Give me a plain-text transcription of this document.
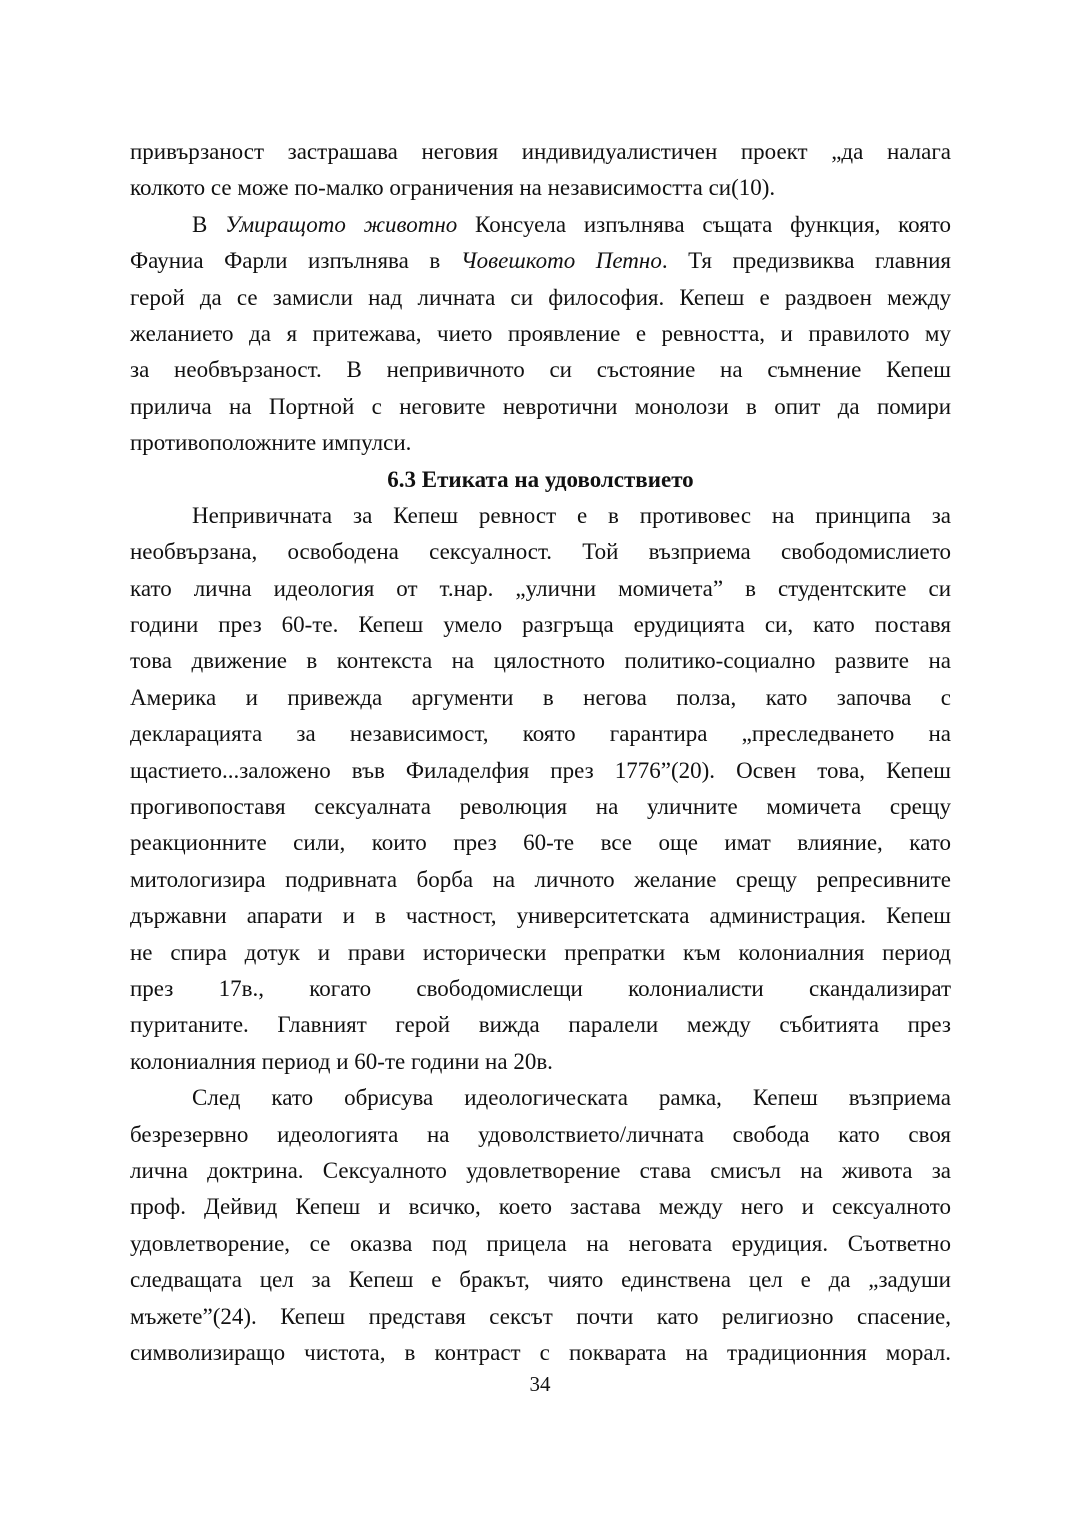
привързаност застрашава неговия индивидуалистичен проект „да налага
колкото се може по-малко ограничения на независимостта си(10).
В Умиращото животно Консуела изпълнява същата функция, която
Фауниа Фарли изпълнява в Човешкото Петно. Тя предизвиква главния
герой да се замисли над личната си философия. Кепеш е раздвоен между
желанието да я притежава, чието проявление е ревността, и правилото му
за необвързаност. В непривичното си състояние на съмнение Кепеш
прилича на Портной с неговите невротични монолози в опит да помири
противоположните импулси.
6.3 Етиката на удоволствието
Непривичната за Кепеш ревност е в противовес на принципа за
необвързана, освободена сексуалност. Той възприема свободомислието
като лична идеология от т.нар. „улични момичета” в студентските си
години през 60-те. Кепеш умело разгръща ерудицията си, като поставя
това движение в контекста на цялостното политико-социално развите на
Америка и привежда аргументи в негова полза, като започва с
декларацията за независимост, която гарантира „преследването на
щастието...заложено във Филаделфия през 1776”(20). Освен това, Кепеш
прогивопоставя сексуалната революция на уличните момичета срещу
реакционните сили, които през 60-те все още имат влияние, като
митологизира подривната борба на личното желание срещу репресивните
държавни апарати и в частност, университетската администрация. Кепеш
не спира дотук и прави исторически препратки към колониалния период
през 17в., когато свободомислещи колониалисти скандализират
пуританите. Главният герой вижда паралели между събитията през
колониалния период и 60-те години на 20в.
След като обрисува идеологическата рамка, Кепеш възприема
безрезервно идеологията на удоволствието/личната свобода като своя
лична доктрина. Сексуалното удовлетворение става смисъл на живота за
проф. Дейвид Кепеш и всичко, което застава между него и сексуалното
удовлетворение, се оказва под прицела на неговата ерудиция. Съответно
следващата цел за Кепеш е бракът, чиято единствена цел е да „задуши
мъжете”(24). Кепеш представя сексът почти като религиозно спасение,
символизиращо чистота, в контраст с покварата на традиционния морал.
34
